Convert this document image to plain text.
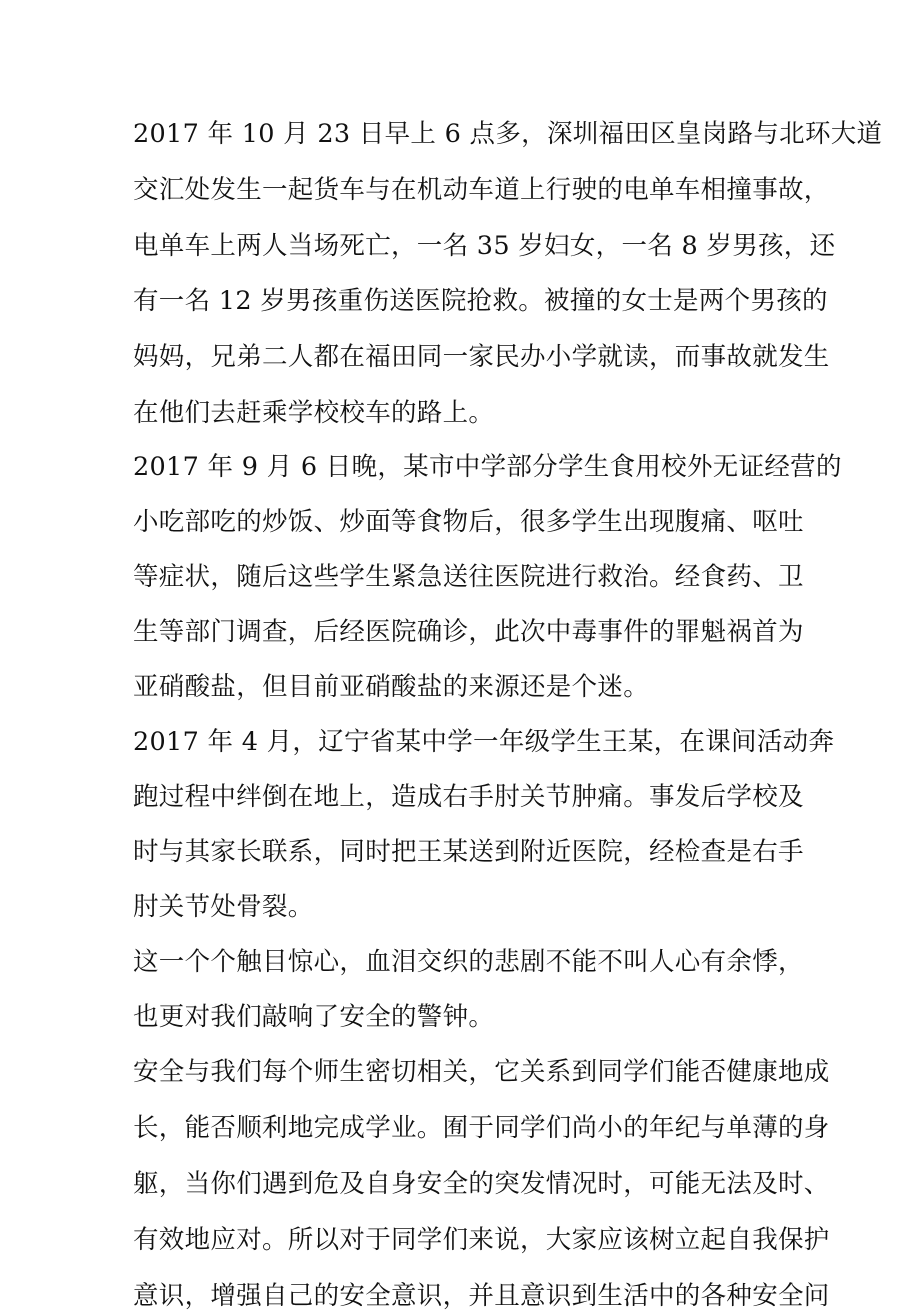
2017 年 10 月 23 日早上 6 点多，深圳福田区皇岗路与北环大道
交汇处发生一起货车与在机动车道上行驶的电单车相撞事故，
电单车上两人当场死亡，一名 35 岁妇女，一名 8 岁男孩，还
有一名 12 岁男孩重伤送医院抢救。被撞的女士是两个男孩的
妈妈，兄弟二人都在福田同一家民办小学就读，而事故就发生
在他们去赶乘学校校车的路上。
2017 年 9 月 6 日晚，某市中学部分学生食用校外无证经营的
小吃部吃的炒饭、炒面等食物后，很多学生出现腹痛、呕吐
等症状，随后这些学生紧急送往医院进行救治。经食药、卫
生等部门调查，后经医院确诊，此次中毒事件的罪魁祸首为
亚硝酸盐，但目前亚硝酸盐的来源还是个迷。
2017 年 4 月，辽宁省某中学一年级学生王某，在课间活动奔
跑过程中绊倒在地上，造成右手肘关节肿痛。事发后学校及
时与其家长联系，同时把王某送到附近医院，经检查是右手
肘关节处骨裂。
这一个个触目惊心，血泪交织的悲剧不能不叫人心有余悸，
也更对我们敲响了安全的警钟。
安全与我们每个师生密切相关，它关系到同学们能否健康地成
长，能否顺利地完成学业。囿于同学们尚小的年纪与单薄的身
躯，当你们遇到危及自身安全的突发情况时，可能无法及时、
有效地应对。所以对于同学们来说，大家应该树立起自我保护
意识，增强自己的安全意识，并且意识到生活中的各种安全问
